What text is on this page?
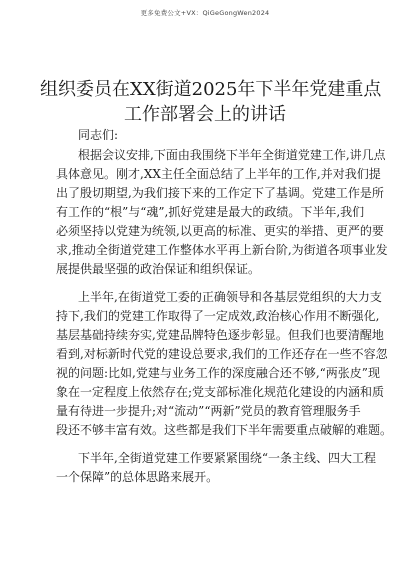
更多免费公文+VX：QiGeGongWen2024
组织委员在XX街道2025年下半年党建重点
工作部署会上的讲话
同志们:
根据会议安排,下面由我围绕下半年全街道党建工作,讲几点
具体意见。刚才,XX主任全面总结了上半年的工作,并对我们提
出了殷切期望,为我们接下来的工作定下了基调。党建工作是所
有工作的“根”与“魂”,抓好党建是最大的政绩。下半年,我们
必须坚持以党建为统领,以更高的标准、更实的举措、更严的要
求,推动全街道党建工作整体水平再上新台阶,为街道各项事业发
展提供最坚强的政治保证和组织保证。
上半年,在街道党工委的正确领导和各基层党组织的大力支
持下,我们的党建工作取得了一定成效,政治核心作用不断强化,
基层基础持续夯实,党建品牌特色逐步彰显。但我们也要清醒地
看到,对标新时代党的建设总要求,我们的工作还存在一些不容忽
视的问题:比如,党建与业务工作的深度融合还不够,“两张皮”现
象在一定程度上依然存在;党支部标准化规范化建设的内涵和质
量有待进一步提升;对“流动”“两新”党员的教育管理服务手
段还不够丰富有效。这些都是我们下半年需要重点破解的难题。
下半年,全街道党建工作要紧紧围绕“一条主线、四大工程
一个保障”的总体思路来展开。
